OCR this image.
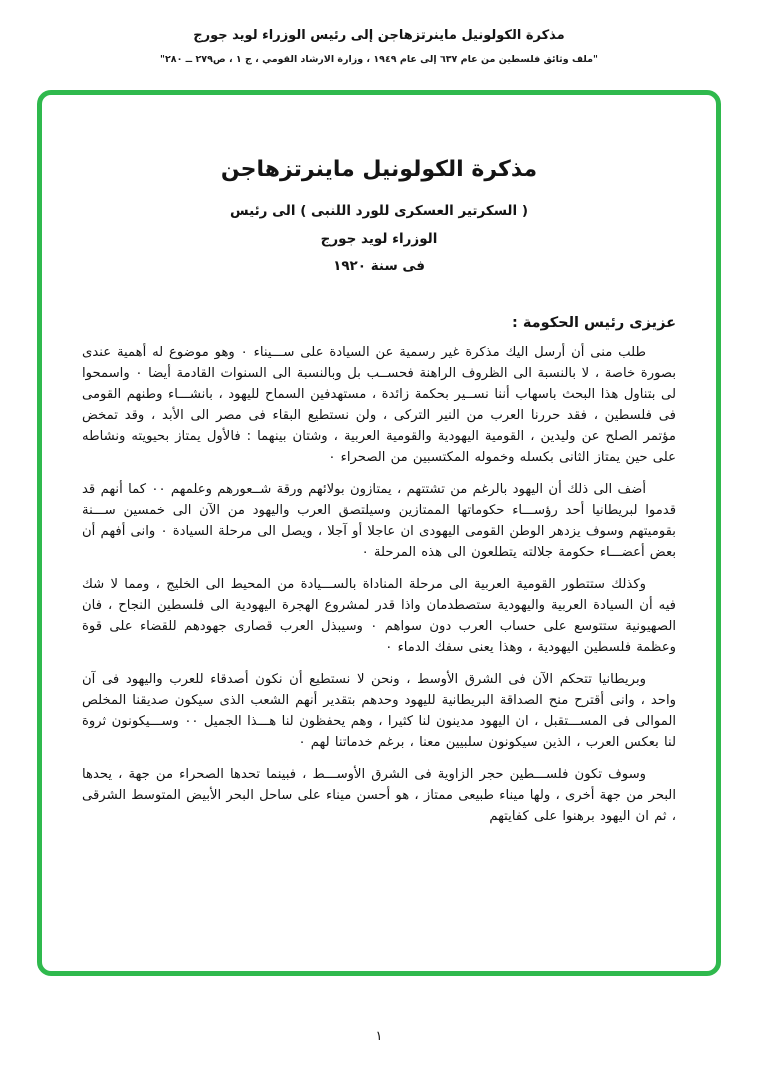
مذكرة الكولونيل ماينرتزهاجن إلى رئيس الوزراء لويد جورج
"ملف وثائق فلسطين من عام ٦٣٧ إلى عام ١٩٤٩ ، وزارة الارشاد القومي ، ج ١ ، ص٢٧٩ ــ ٢٨٠"
مذكرة الكولونيل ماينرتزهاجن
( السكرتير العسكرى للورد اللنبى ) الى رئيس
الوزراء لويد جورج
فى سنة ١٩٢٠
عزيزى رئيس الحكومة :

طلب منى أن أرسل اليك مذكرة غير رسمية عن السيادة على ســـيناء ٠ وهو موضوع له أهمية عندى بصورة خاصة ، لا بالنسبة الى الظروف الراهنة فحســب بل وبالنسبة الى السنوات القادمة أيضا ٠ واسمحوا لى بتناول هذا البحث باسهاب أننا نســير بحكمة زائدة ، مستهدفين السماح لليهود ، بانشـــاء وطنهم القومى فى فلسطين ، فقد حررنا العرب من النير التركى ، ولن نستطيع البقاء فى مصر الى الأبد ، وقد تمخض مؤتمر الصلح عن وليدين ، القومية اليهودية والقومية العربية ، وشتان بينهما : فالأول يمتاز بحيويته ونشاطه على حين يمتاز الثانى بكسله وخموله المكتسبين من الصحراء ٠

أضف الى ذلك أن اليهود بالرغم من تشتتهم ، يمتازون بولائهم ورقة شــعورهم وعلمهم ٠٠ كما أنهم قد قدموا لبريطانيا أحد رؤســـاء حكوماتها الممتازين وسيلتصق العرب واليهود من الآن الى خمسين ســـنة بقوميتهم وسوف يزدهر الوطن القومى اليهودى ان عاجلا أو آجلا ، ويصل الى مرحلة السيادة ٠ وانى أفهم أن بعض أعضـــاء حكومة جلالته يتطلعون الى هذه المرحلة ٠

وكذلك ستتطور القومية العربية الى مرحلة المناداة بالســـيادة من المحيط الى الخليج ، ومما لا شك فيه أن السيادة العربية واليهودية ستصطدمان واذا قدر لمشروع الهجرة اليهودية الى فلسطين النجاح ، فان الصهيونية ستتوسع على حساب العرب دون سواهم ٠ وسيبذل العرب قصارى جهودهم للقضاء على قوة وعظمة فلسطين اليهودية ، وهذا يعنى سفك الدماء ٠

وبريطانيا تتحكم الآن فى الشرق الأوسط ، ونحن لا نستطيع أن نكون أصدقاء للعرب واليهود فى آن واحد ، وانى أقترح منح الصداقة البريطانية لليهود وحدهم بتقدير أنهم الشعب الذى سيكون صديقنا المخلص الموالى فى المســـتقبل ، ان اليهود مدينون لنا كثيرا ، وهم يحفظون لنا هـــذا الجميل ٠٠ وســـيكونون ثروة لنا بعكس العرب ، الذين سيكونون سلبيين معنا ، برغم خدماتنا لهم ٠

وسوف تكون فلســـطين حجر الزاوية فى الشرق الأوســـط ، فبينما تحدها الصحراء من جهة ، يحدها البحر من جهة أخرى ، ولها ميناء طبيعى ممتاز ، هو أحسن ميناء على ساحل البحر الأبيض المتوسط الشرقى ، ثم ان اليهود برهنوا على كفايتهم

١
